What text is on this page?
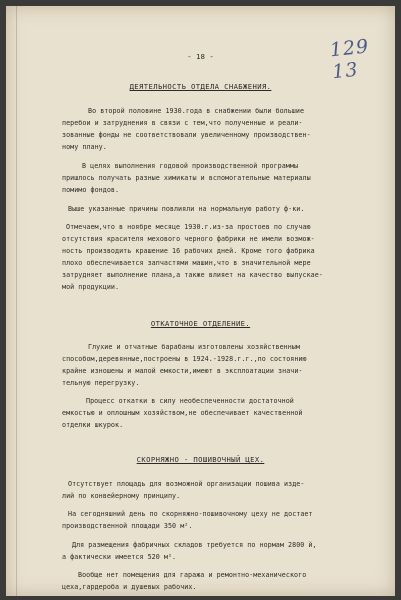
- 18 -	129 13
ДЕЯТЕЛЬНОСТЬ ОТДЕЛА СНАБЖЕНИЯ.
Во второй половине 1930.года в снабжении были большие
перебои и затруднения в связи с тем,что полученные и реали-
зованные фонды не соответствовали увеличенному производствен-
ному плану.
В целях выполнения годовой производственной программы
пришлось получать разные химикаты и вспомогательные материалы
помимо фондов.
Выше указанные причины повлияли на нормальную работу ф-ки.
Отмечаем,что в ноябре месяце 1930.г.из-за простоев по случаю
отсутствия красителя мехового черного фабрики не имели возмож-
ность производить крашение 16 рабочих дней. Кроме того фабрика
плохо обеспечивается запчастями машин,что в значительной мере
затрудняет выполнение плана,а также влияет на качество выпускае-
мой продукции.
ОТКАТОЧНОЕ ОТДЕЛЕНИЕ.
Глухие и отчатные барабаны изготовлены хозяйственным
способом,деревянные,построены в 1924.-1928.г.г.,по состоянию
крайне изношены и малой емкости,имеют в эксплоатации значи-
тельную перегрузку.
Процесс откатки в силу необеспеченности достаточной
емкостью и оплошным хозяйством,не обеспечивает качественной
отделки шкурок.
СКОРНЯЖНО - ПОШИВОЧНЫЙ ЦЕХ.
Отсутствует площадь для возможной организации пошива изде-
лий по конвейерному принципу.
На сегодняшний день по скорняжно-пошивочному цеху не достает
производственной площади 350 м².
Для размещения фабричных складов требуется по нормам 2800 й,
а фактически имеется 520 м².
Вообще нет помещения для гаража и ремонтно-механического
цеха,гардероба и душевых рабочих.
